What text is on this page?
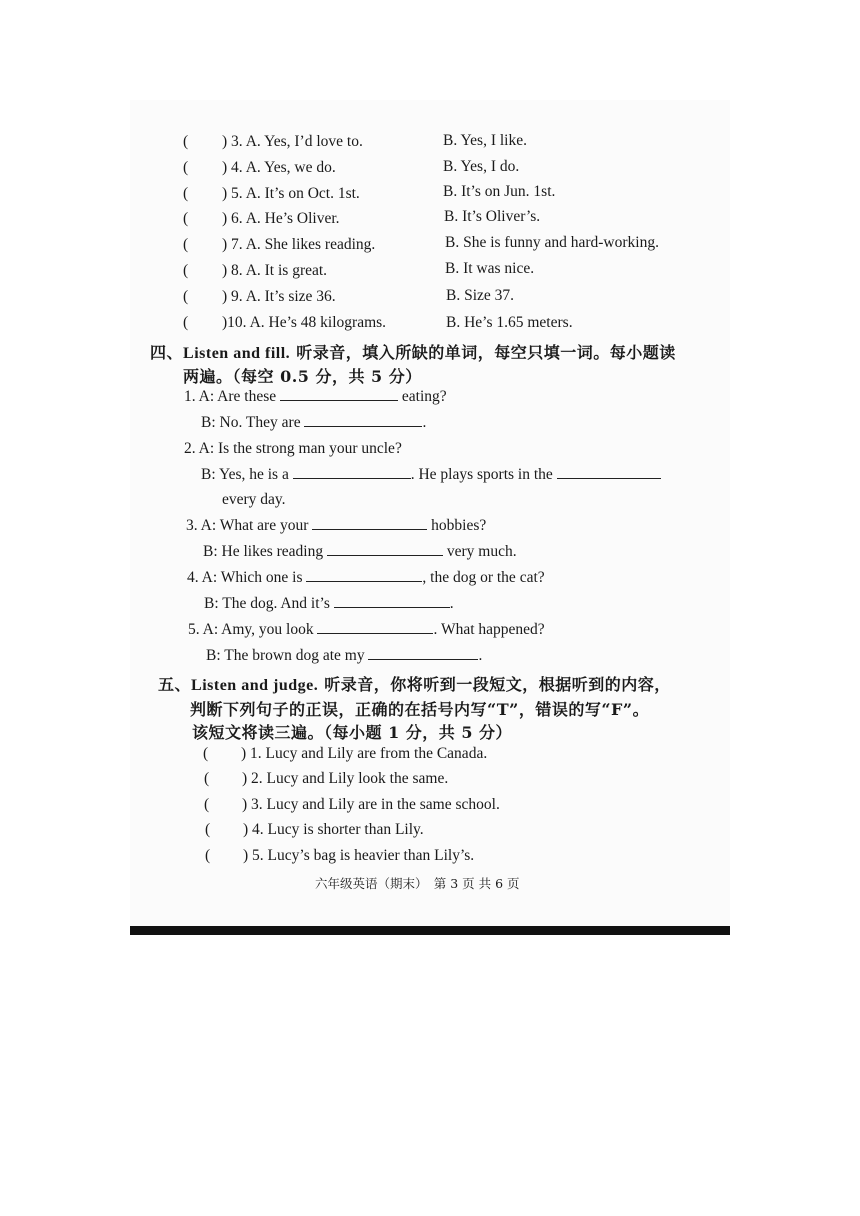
( ) 3. A. Yes, I’d love to.	B. Yes, I like.
( ) 4. A. Yes, we do.	B. Yes, I do.
( ) 5. A. It’s on Oct. 1st.	B. It’s on Jun. 1st.
( ) 6. A. He’s Oliver.	B. It’s Oliver’s.
( ) 7. A. She likes reading.	B. She is funny and hard-working.
( ) 8. A. It is great.	B. It was nice.
( ) 9. A. It’s size 36.	B. Size 37.
( )10. A. He’s 48 kilograms.	B. He’s 1.65 meters.
四、Listen and fill. 听录音，填入所缺的单词，每空只填一词。每小题读
两遍。（每空 0.5 分，共 5 分）
1. A: Are these	eating?
B: No. They are	.
2. A: Is the strong man your uncle?
B: Yes, he is a	. He plays sports in the
every day.
3. A: What are your	hobbies?
B: He likes reading	very much.
4. A: Which one is	, the dog or the cat?
B: The dog. And it’s	.
5. A: Amy, you look	. What happened?
B: The brown dog ate my	.
五、Listen and judge. 听录音，你将听到一段短文，根据听到的内容，
判断下列句子的正误，正确的在括号内写“T”，错误的写“F”。
该短文将读三遍。（每小题 1 分，共 5 分）
( ) 1. Lucy and Lily are from the Canada.
( ) 2. Lucy and Lily look the same.
( ) 3. Lucy and Lily are in the same school.
( ) 4. Lucy is shorter than Lily.
( ) 5. Lucy’s bag is heavier than Lily’s.
六年级英语（期末）　第 3 页 共 6 页
